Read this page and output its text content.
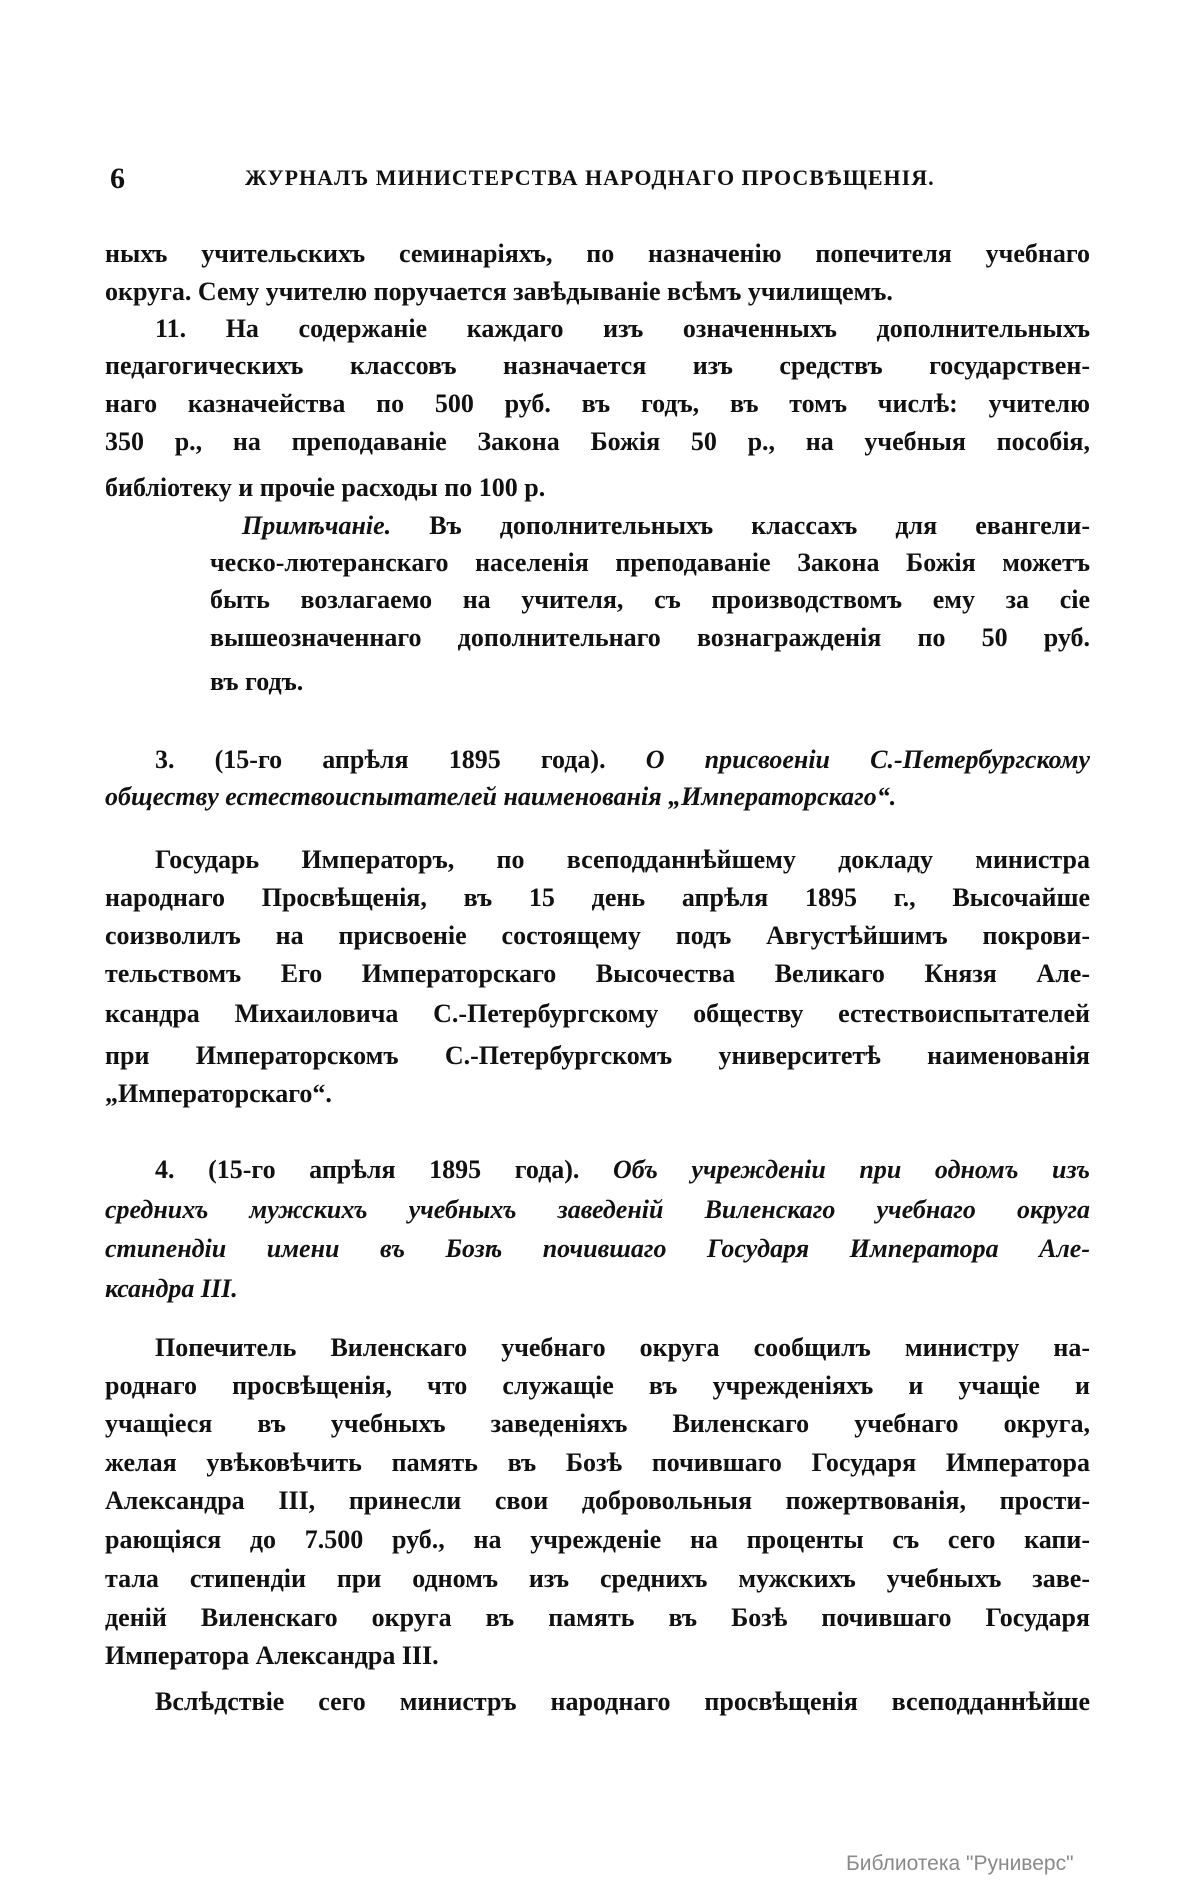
6	ЖУРНАЛЪ МИНИСТЕРСТВА НАРОДНАГО ПРОСВѢЩЕНІЯ.
ныхъ учительскихъ семинаріяхъ, по назначенію попечителя учебнаго
округа. Сему учителю поручается завѣдываніе всѣмъ училищемъ.
11. На содержаніе каждаго изъ означенныхъ дополнительныхъ
педагогическихъ классовъ назначается изъ средствъ государствен-
наго казначейства по 500 руб. въ годъ, въ томъ числѣ: учителю
350 р., на преподаваніе Закона Божія 50 р., на учебныя пособія,
библіотеку и прочіе расходы по 100 р.
Примѣчаніе. Въ дополнительныхъ классахъ для евангели-
ческо-лютеранскаго населенія преподаваніе Закона Божія можетъ
быть возлагаемо на учителя, съ производствомъ ему за сіе
вышеозначеннаго дополнительнаго вознагражденія по 50 руб.
въ годъ.
3. (15-го апрѣля 1895 года). О присвоеніи С.-Петербургскому
обществу естествоиспытателей наименованія „Императорскаго“.
Государь Императоръ, по всеподданнѣйшему докладу министра
народнаго Просвѣщенія, въ 15 день апрѣля 1895 г., Высочайше
соизволилъ на присвоеніе состоящему подъ Августѣйшимъ покрови-
тельствомъ Его Императорскаго Высочества Великаго Князя Але-
ксандра Михаиловича С.-Петербургскому обществу естествоиспытателей
при Императорскомъ С.-Петербургскомъ университетѣ наименованія
„Императорскаго“.
4. (15-го апрѣля 1895 года). Объ учрежденіи при одномъ изъ
среднихъ мужскихъ учебныхъ заведеній Виленскаго учебнаго округа
стипендіи имени въ Бозѣ почившаго Государя Императора Але-
ксандра III.
Попечитель Виленскаго учебнаго округа сообщилъ министру на-
роднаго просвѣщенія, что служащіе въ учрежденіяхъ и учащіе и
учащіеся въ учебныхъ заведеніяхъ Виленскаго учебнаго округа,
желая увѣковѣчить память въ Бозѣ почившаго Государя Императора
Александра III, принесли свои добровольныя пожертвованія, прости-
рающіяся до 7.500 руб., на учрежденіе на проценты съ сего капи-
тала стипендіи при одномъ изъ среднихъ мужскихъ учебныхъ заве-
деній Виленскаго округа въ память въ Бозѣ почившаго Государя
Императора Александра III.
Вслѣдствіе сего министръ народнаго просвѣщенія всеподданнѣйше
Библиотека "Руниверс"
